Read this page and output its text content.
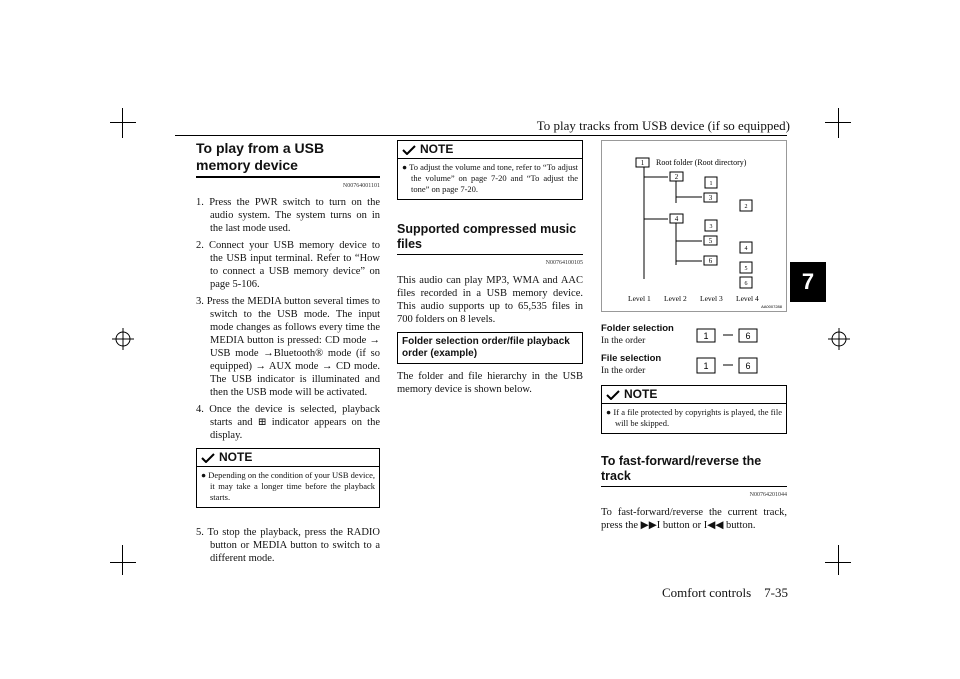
To play tracks from USB device (if so equipped)
Comfort controls 7-35
7
To play from a USB memory device
N00764001101
1. Press the PWR switch to turn on the audio system. The system turns on in the last mode used.
2. Connect your USB memory device to the USB input terminal. Refer to “How to connect a USB memory device” on page 5-106.
3. Press the MEDIA button several times to switch to the USB mode. The input mode changes as follows every time the MEDIA button is pressed: CD mode → USB mode →Bluetooth® mode (if so equipped) → AUX mode → CD mode. The USB indicator is illuminated and then the USB mode will be activated.
4. Once the device is selected, playback starts and ⊞ indicator appears on the display.
NOTE

● Depending on the condition of your USB device, it may take a longer time before the playback starts.

5. To stop the playback, press the RADIO button or MEDIA button to switch to a different mode.
NOTE

● To adjust the volume and tone, refer to “To adjust the volume” on page 7-20 and “To adjust the tone” on page 7-20.

Supported compressed music files
N00764100105

This audio can play MP3, WMA and AAC files recorded in a USB memory device. This audio supports up to 65,535 files in 700 folders on 8 levels.

Folder selection order/file playback order (example)

The folder and file hierarchy in the USB memory device is shown below.

1
2
3
4
5
6
1
2
3
4
5
6
Root folder (Root directory)
Level 1 Level 2 Level 3 Level 4
AA0007288
Folder selection
In the order	1	6
File selection
In the order	1	6
NOTE

● If a file protected by copyrights is played, the file will be skipped.

To fast-forward/reverse the track
N00764201044

To fast-forward/reverse the current track, press the ▶▶I button or I◀◀ button.
